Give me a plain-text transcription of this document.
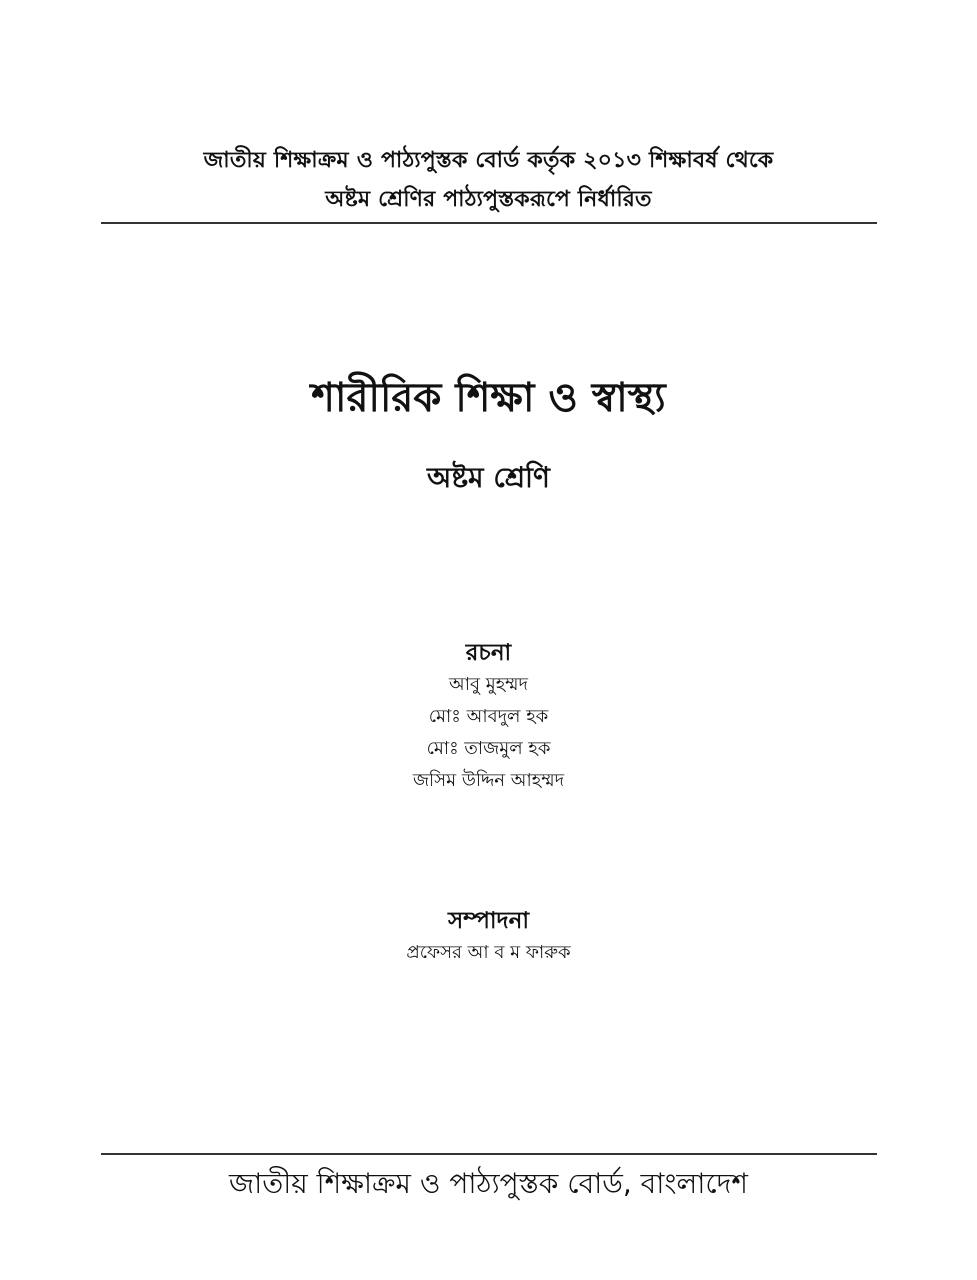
জাতীয় শিক্ষাক্রম ও পাঠ্যপুস্তক বোর্ড কর্তৃক ২০১৩ শিক্ষাবর্ষ থেকে
অষ্টম শ্রেণির পাঠ্যপুস্তকরূপে নির্ধারিত
শারীরিক শিক্ষা ও স্বাস্থ্য
অষ্টম শ্রেণি
রচনা
আবু মুহম্মদ
মোঃ আবদুল হক
মোঃ তাজমুল হক
জসিম উদ্দিন আহম্মদ
সম্পাদনা
প্রফেসর আ ব ম ফারুক
জাতীয় শিক্ষাক্রম ও পাঠ্যপুস্তক বোর্ড, বাংলাদেশ
